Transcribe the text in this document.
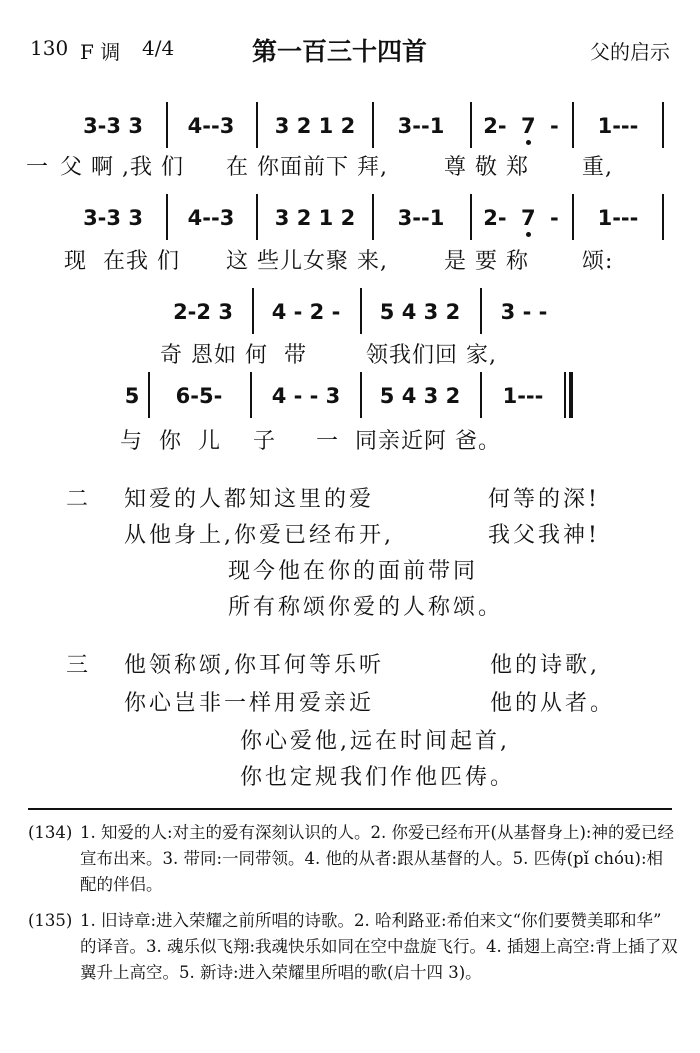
130 F 调 4/4	第一百三十四首	父的启示
3-3 3	4--3	3 2 1 2	3--1	2- 7 -	1---
一 父 啊 ,我 们 在 你面前下 拜,	尊 敬 郑 重,
3-3 3	4--3	3 2 1 2	3--1	2- 7 -	1---
现  在我 们 这 些儿女聚 来,	是 要 称 颂:
2-2 3	4 - 2 -	5 4 3 2	3 - -
奇 恩如 何  带	领我们回 家,
5	6-5-	4 - - 3	5 4 3 2	1---
与  你  儿    子 一  同亲近阿 爸。
二 知爱的人都知这里的爱	何等的深!
从他身上,你爱已经布开,	我父我神!
现今他在你的面前带同
所有称颂你爱的人称颂。
三 他领称颂,你耳何等乐听	他的诗歌,
你心岂非一样用爱亲近	他的从者。
你心爱他,远在时间起首,
你也定规我们作他匹俦。
(134) 1. 知爱的人:对主的爱有深刻认识的人。2. 你爱已经布开(从基督身上):神的爱已经宣布出来。3. 带同:一同带领。4. 他的从者:跟从基督的人。5. 匹俦(pǐ chóu):相配的伴侣。
(135) 1. 旧诗章:进入荣耀之前所唱的诗歌。2. 哈利路亚:希伯来文“你们要赞美耶和华” 的译音。3. 魂乐似飞翔:我魂快乐如同在空中盘旋飞行。4. 插翅上高空:背上插了双翼升上高空。5. 新诗:进入荣耀里所唱的歌(启十四 3)。
